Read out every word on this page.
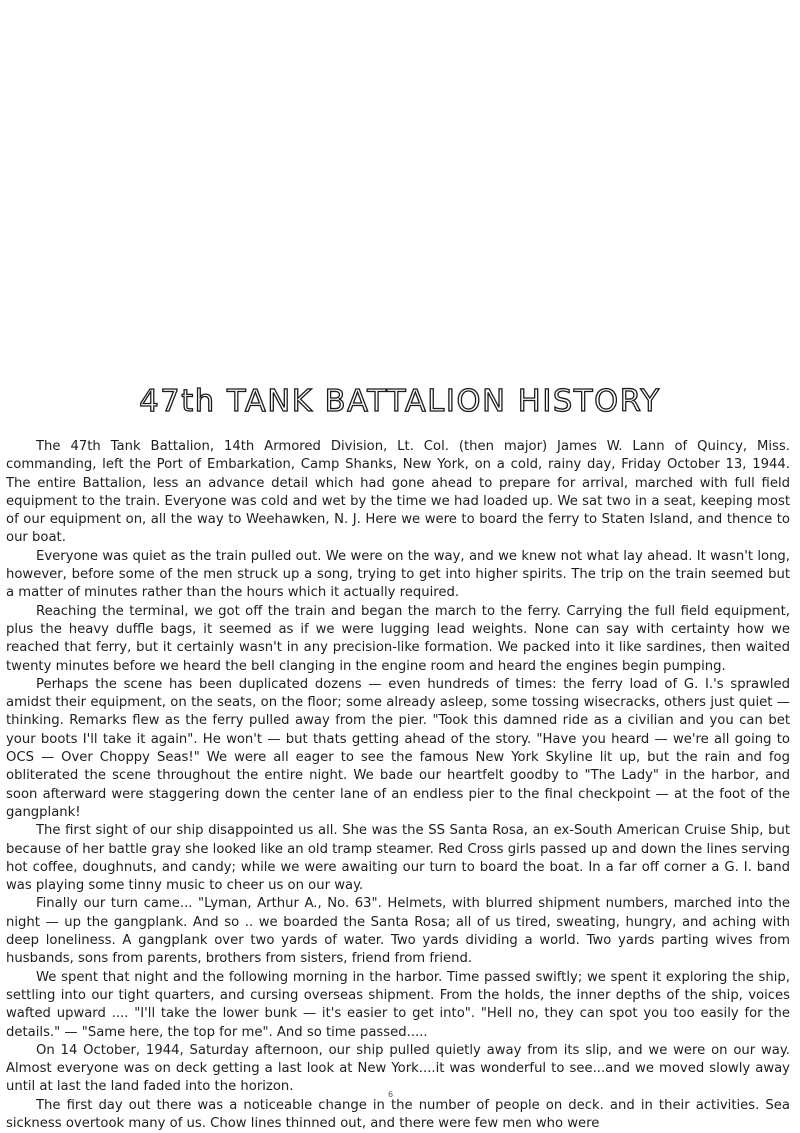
47th TANK BATTALION HISTORY

The 47th Tank Battalion, 14th Armored Division, Lt. Col. (then major) James W. Lann of Quincy, Miss. commanding, left the Port of Embarkation, Camp Shanks, New York, on a cold, rainy day, Friday October 13, 1944. The entire Battalion, less an advance detail which had gone ahead to prepare for arrival, marched with full field equipment to the train. Everyone was cold and wet by the time we had loaded up. We sat two in a seat, keeping most of our equipment on, all the way to Weehawken, N. J. Here we were to board the ferry to Staten Island, and thence to our boat.

Everyone was quiet as the train pulled out. We were on the way, and we knew not what lay ahead. It wasn't long, however, before some of the men struck up a song, trying to get into higher spirits. The trip on the train seemed but a matter of minutes rather than the hours which it actually required.

Reaching the terminal, we got off the train and began the march to the ferry. Carrying the full field equipment, plus the heavy duffle bags, it seemed as if we were lugging lead weights. None can say with certainty how we reached that ferry, but it certainly wasn't in any precision-like formation. We packed into it like sardines, then waited twenty minutes before we heard the bell clanging in the engine room and heard the engines begin pumping.

Perhaps the scene has been duplicated dozens — even hundreds of times: the ferry load of G. I.'s sprawled amidst their equipment, on the seats, on the floor; some already asleep, some tossing wisecracks, others just quiet — thinking. Remarks flew as the ferry pulled away from the pier. "Took this damned ride as a civilian and you can bet your boots I'll take it again". He won't — but thats getting ahead of the story. "Have you heard — we're all going to OCS — Over Choppy Seas!" We were all eager to see the famous New York Skyline lit up, but the rain and fog obliterated the scene throughout the entire night. We bade our heartfelt goodby to "The Lady" in the harbor, and soon afterward were staggering down the center lane of an endless pier to the final checkpoint — at the foot of the gangplank!

The first sight of our ship disappointed us all. She was the SS Santa Rosa, an ex-South American Cruise Ship, but because of her battle gray she looked like an old tramp steamer. Red Cross girls passed up and down the lines serving hot coffee, doughnuts, and candy; while we were awaiting our turn to board the boat. In a far off corner a G. I. band was playing some tinny music to cheer us on our way.

Finally our turn came... "Lyman, Arthur A., No. 63". Helmets, with blurred shipment numbers, marched into the night — up the gangplank. And so .. we boarded the Santa Rosa; all of us tired, sweating, hungry, and aching with deep loneliness. A gangplank over two yards of water. Two yards dividing a world. Two yards parting wives from husbands, sons from parents, brothers from sisters, friend from friend.

We spent that night and the following morning in the harbor. Time passed swiftly; we spent it exploring the ship, settling into our tight quarters, and cursing overseas shipment. From the holds, the inner depths of the ship, voices wafted upward .... "I'll take the lower bunk — it's easier to get into". "Hell no, they can spot you too easily for the details." — "Same here, the top for me". And so time passed.....

On 14 October, 1944, Saturday afternoon, our ship pulled quietly away from its slip, and we were on our way. Almost everyone was on deck getting a last look at New York....it was wonderful to see...and we moved slowly away until at last the land faded into the horizon.

The first day out there was a noticeable change in the number of people on deck. and in their activities. Sea sickness overtook many of us. Chow lines thinned out, and there were few men who were

6
